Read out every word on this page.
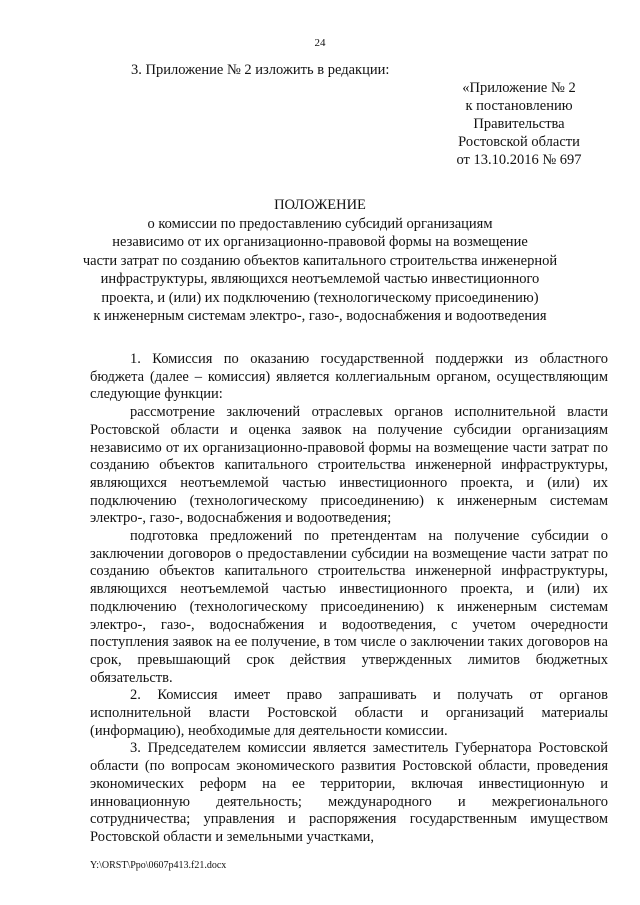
24
3. Приложение № 2 изложить в редакции:
«Приложение № 2
к постановлению
Правительства
Ростовской области
от 13.10.2016 № 697
ПОЛОЖЕНИЕ
о комиссии по предоставлению субсидий организациям
независимо от их организационно-правовой формы на возмещение
части затрат по созданию объектов капитального строительства инженерной
инфраструктуры, являющихся неотъемлемой частью инвестиционного
проекта, и (или) их подключению (технологическому присоединению)
к инженерным системам электро-, газо-, водоснабжения и водоотведения

1. Комиссия по оказанию государственной поддержки из областного бюджета (далее – комиссия) является коллегиальным органом, осуществляющим следующие функции:

рассмотрение заключений отраслевых органов исполнительной власти Ростовской области и оценка заявок на получение субсидии организациям независимо от их организационно-правовой формы на возмещение части затрат по созданию объектов капитального строительства инженерной инфраструктуры, являющихся неотъемлемой частью инвестиционного проекта, и (или) их подключению (технологическому присоединению) к инженерным системам электро-, газо-, водоснабжения и водоотведения;

подготовка предложений по претендентам на получение субсидии о заключении договоров о предоставлении субсидии на возмещение части затрат по созданию объектов капитального строительства инженерной инфраструктуры, являющихся неотъемлемой частью инвестиционного проекта, и (или) их подключению (технологическому присоединению) к инженерным системам электро-, газо-, водоснабжения и водоотведения, с учетом очередности поступления заявок на ее получение, в том числе о заключении таких договоров на срок, превышающий срок действия утвержденных лимитов бюджетных обязательств.

2. Комиссия имеет право запрашивать и получать от органов исполнительной власти Ростовской области и организаций материалы (информацию), необходимые для деятельности комиссии.

3. Председателем комиссии является заместитель Губернатора Ростовской области (по вопросам экономического развития Ростовской области, проведения экономических реформ на ее территории, включая инвестиционную и инновационную деятельность; международного и межрегионального сотрудничества; управления и распоряжения государственным имуществом Ростовской области и земельными участками,

Y:\ORST\Ppo\0607p413.f21.docx
